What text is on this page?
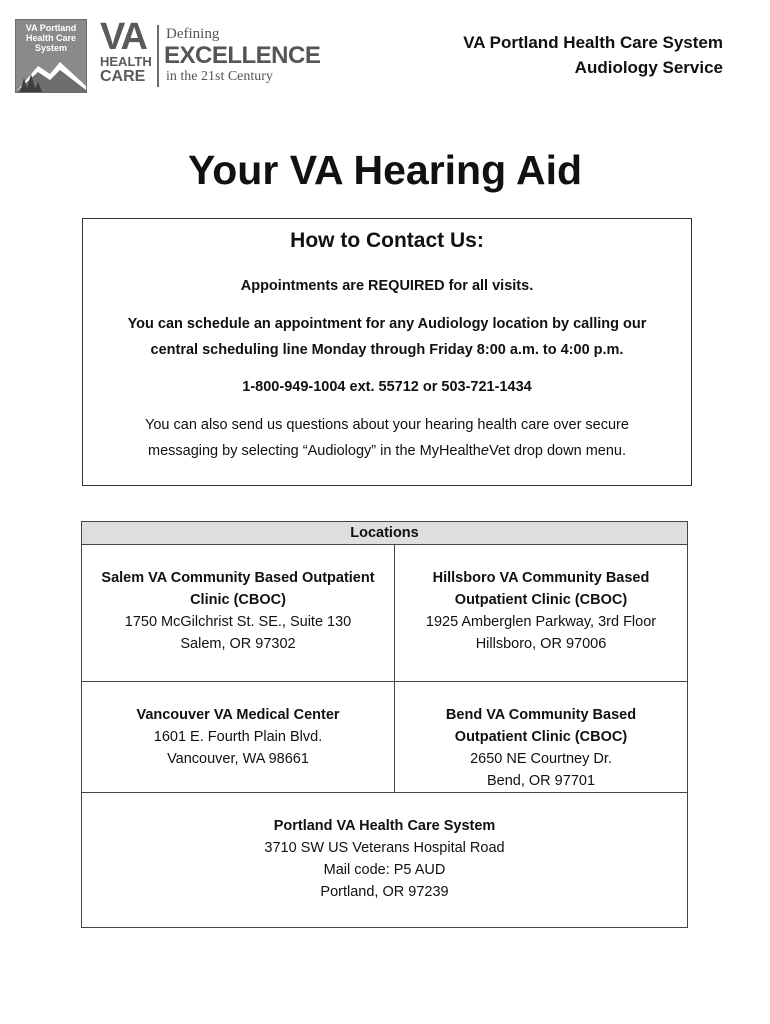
VA Portland
Health Care
System VA
HEALTH
CARE
Defining
EXCELLENCE
in the 21st Century
VA Portland Health Care System
Audiology Service
Your VA Hearing Aid
How to Contact Us:
Appointments are REQUIRED for all visits.
You can schedule an appointment for any Audiology location by calling our
central scheduling line Monday through Friday 8:00 a.m. to 4:00 p.m.
1-800-949-1004 ext. 55712 or 503-721-1434
You can also send us questions about your hearing health care over secure
messaging by selecting “Audiology” in the MyHealtheVet drop down menu.
Locations
Salem VA Community Based Outpatient
Clinic (CBOC)
1750 McGilchrist St. SE., Suite 130
Salem, OR 97302
Hillsboro VA Community Based
Outpatient Clinic (CBOC)
1925 Amberglen Parkway, 3rd Floor
Hillsboro, OR 97006
Vancouver VA Medical Center
1601 E. Fourth Plain Blvd.
Vancouver, WA 98661
Bend VA Community Based
Outpatient Clinic (CBOC)
2650 NE Courtney Dr.
Bend, OR 97701
Portland VA Health Care System
3710 SW US Veterans Hospital Road
Mail code: P5 AUD
Portland, OR 97239
